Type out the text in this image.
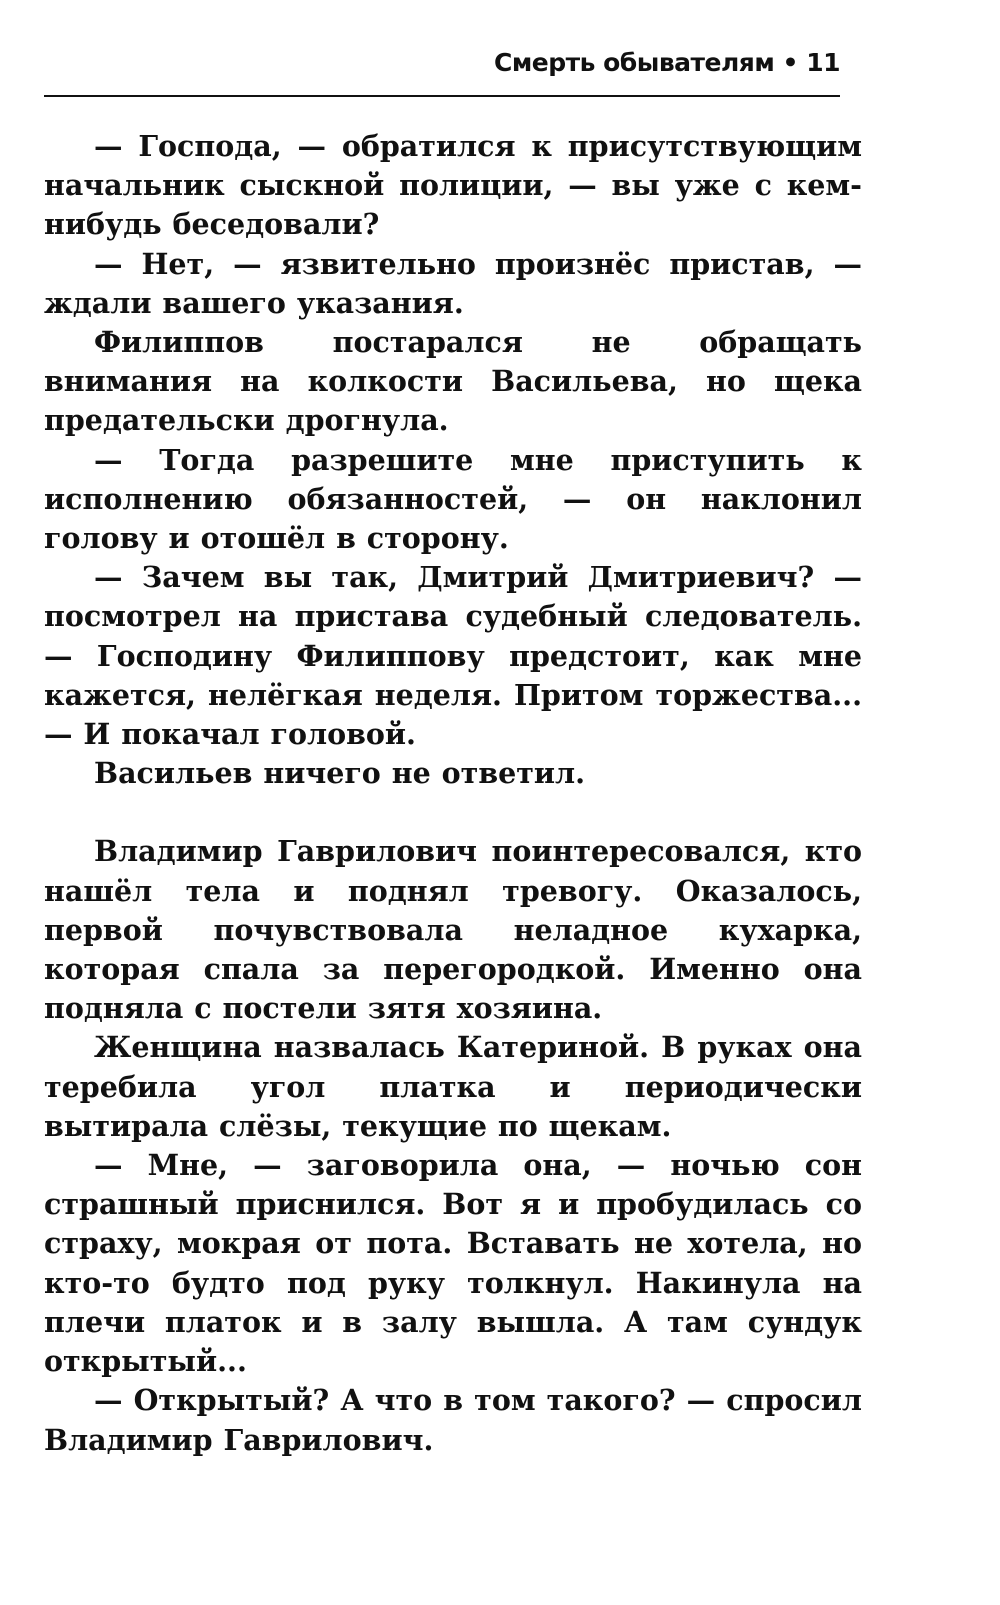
Смерть обывателям • 11

— Господа, — обратился к присутствующим начальник сыскной полиции, — вы уже с кем-нибудь беседовали?

— Нет, — язвительно произнёс пристав, — ждали вашего указания.

Филиппов постарался не обращать внимания на колкости Васильева, но щека предательски дрогнула.

— Тогда разрешите мне приступить к исполнению обязанностей, — он наклонил голову и отошёл в сторону.

— Зачем вы так, Дмитрий Дмитриевич? — посмотрел на пристава судебный следователь. — Господину Филиппову предстоит, как мне кажется, нелёгкая неделя. Притом торжества... — И покачал головой.

Васильев ничего не ответил.

Владимир Гаврилович поинтересовался, кто нашёл тела и поднял тревогу. Оказалось, первой почувствовала неладное кухарка, которая спала за перегородкой. Именно она подняла с постели зятя хозяина.

Женщина назвалась Катериной. В руках она теребила угол платка и периодически вытирала слёзы, текущие по щекам.

— Мне, — заговорила она, — ночью сон страшный приснился. Вот я и пробудилась со страху, мокрая от пота. Вставать не хотела, но кто-то будто под руку толкнул. Накинула на плечи платок и в залу вышла. А там сундук открытый...

— Открытый? А что в том такого? — спросил Владимир Гаврилович.
